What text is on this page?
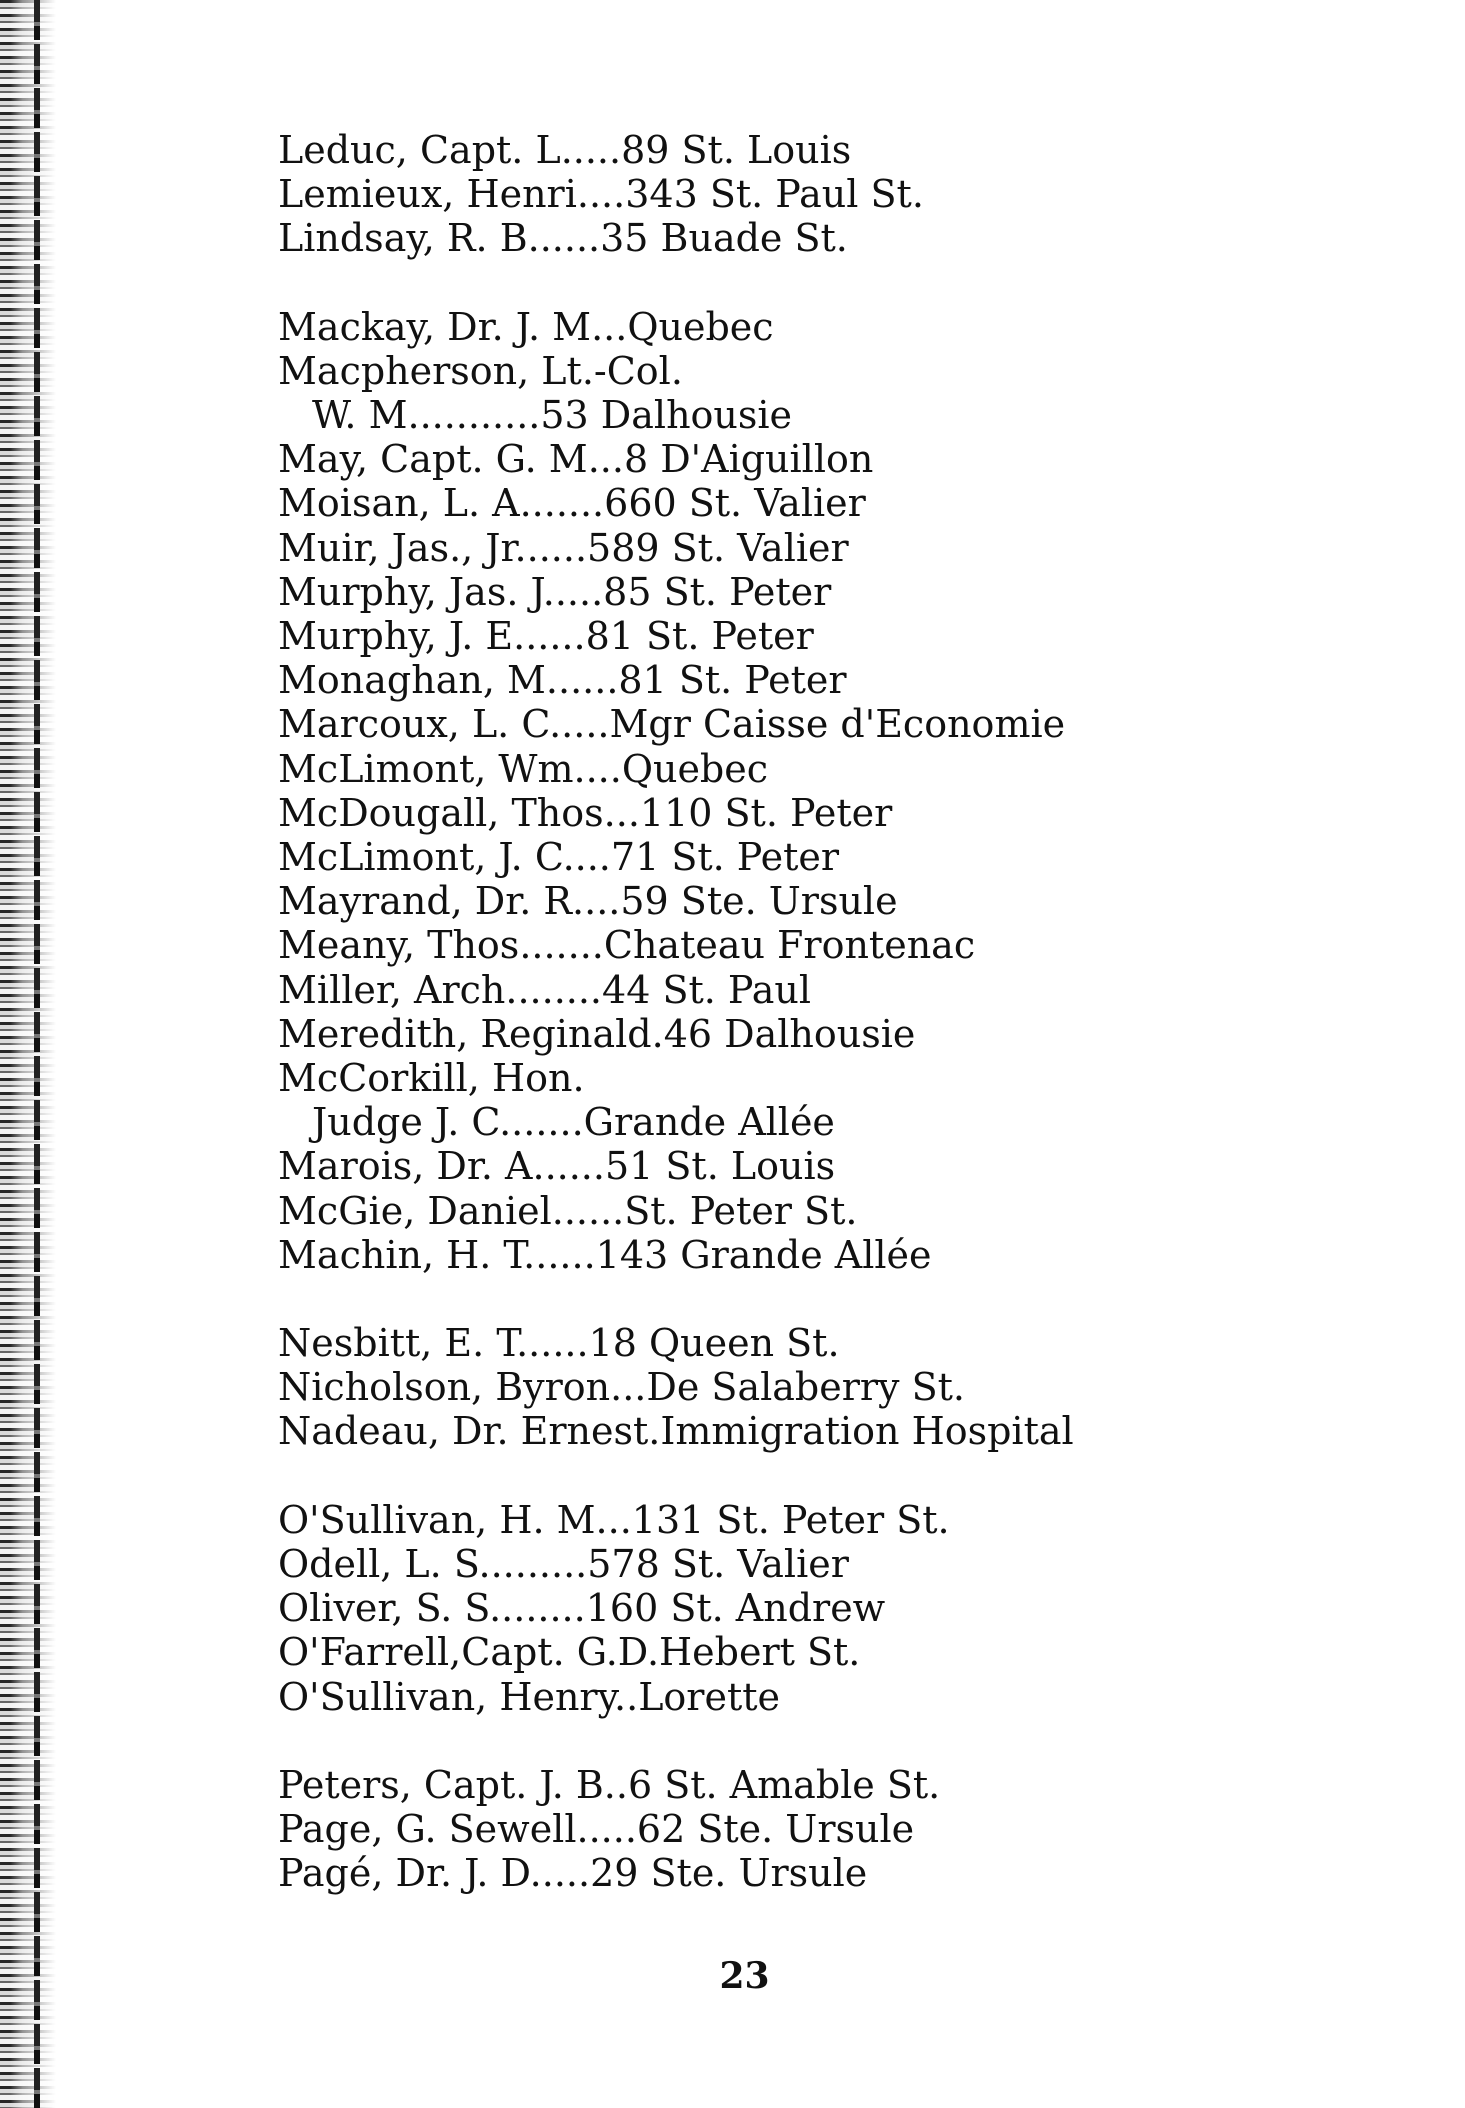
Leduc, Capt. L.....89 St. Louis
Lemieux, Henri....343 St. Paul St.
Lindsay, R. B......35 Buade St.
Mackay, Dr. J. M...Quebec
Macpherson, Lt.-Col.
W. M...........53 Dalhousie
May, Capt. G. M...8 D'Aiguillon
Moisan, L. A.......660 St. Valier
Muir, Jas., Jr......589 St. Valier
Murphy, Jas. J.....85 St. Peter
Murphy, J. E......81 St. Peter
Monaghan, M......81 St. Peter
Marcoux, L. C.....Mgr Caisse d'Economie
McLimont, Wm....Quebec
McDougall, Thos...110 St. Peter
McLimont, J. C....71 St. Peter
Mayrand, Dr. R....59 Ste. Ursule
Meany, Thos.......Chateau Frontenac
Miller, Arch........44 St. Paul
Meredith, Reginald.46 Dalhousie
McCorkill, Hon.
Judge J. C.......Grande Allée
Marois, Dr. A......51 St. Louis
McGie, Daniel......St. Peter St.
Machin, H. T......143 Grande Allée
Nesbitt, E. T......18 Queen St.
Nicholson, Byron...De Salaberry St.
Nadeau, Dr. Ernest.Immigration Hospital
O'Sullivan, H. M...131 St. Peter St.
Odell, L. S.........578 St. Valier
Oliver, S. S........160 St. Andrew
O'Farrell,Capt. G.D.Hebert St.
O'Sullivan, Henry..Lorette
Peters, Capt. J. B..6 St. Amable St.
Page, G. Sewell.....62 Ste. Ursule
Pagé, Dr. J. D.....29 Ste. Ursule
23
